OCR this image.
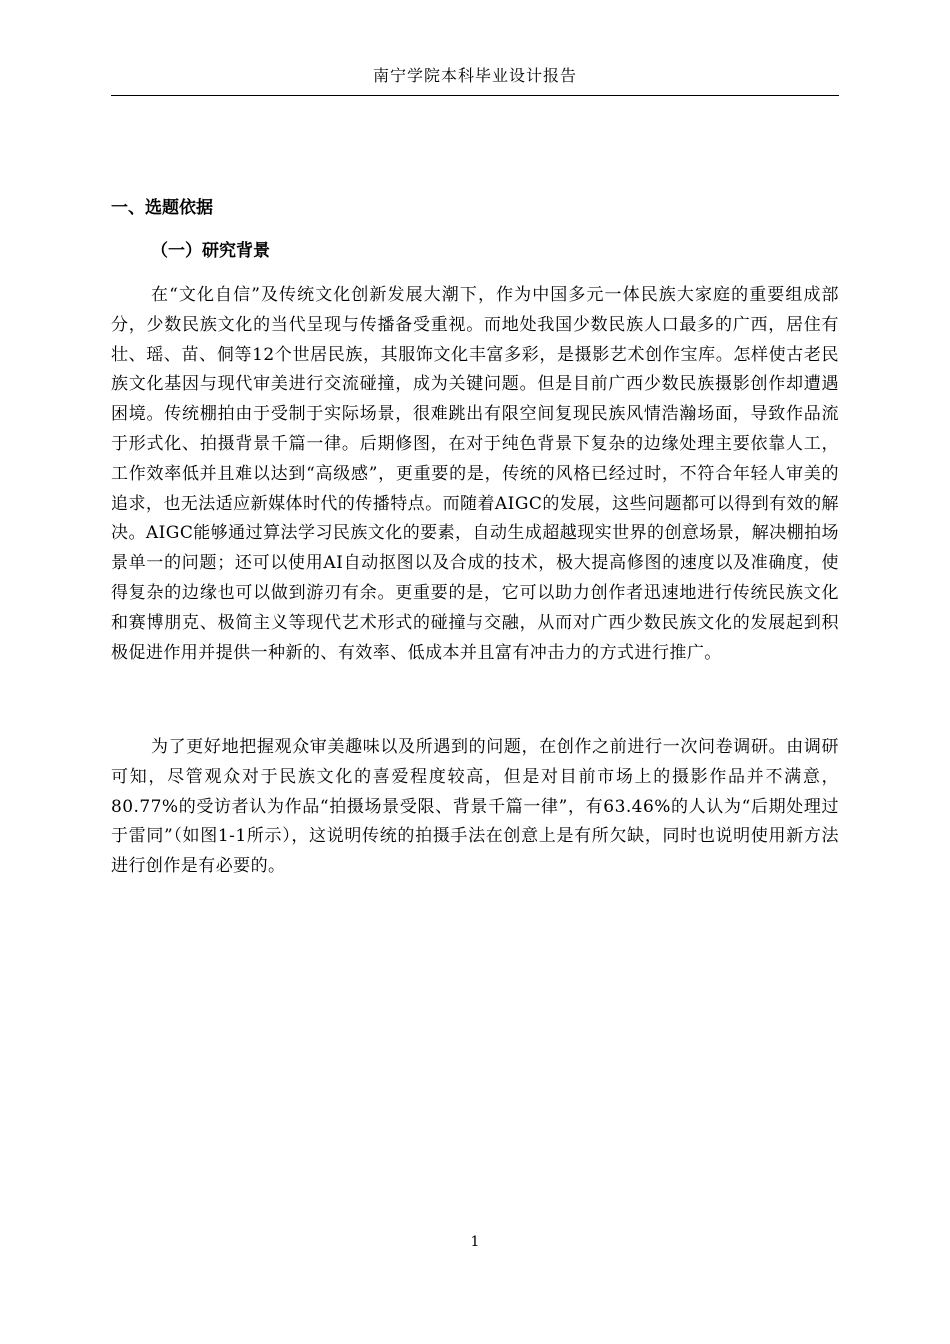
南宁学院本科毕业设计报告
一、选题依据
（一）研究背景

在“文化自信”及传统文化创新发展大潮下，作为中国多元一体民族大家庭的重要组成部分，少数民族文化的当代呈现与传播备受重视。而地处我国少数民族人口最多的广西，居住有壮、瑶、苗、侗等12个世居民族，其服饰文化丰富多彩，是摄影艺术创作宝库。怎样使古老民族文化基因与现代审美进行交流碰撞，成为关键问题。但是目前广西少数民族摄影创作却遭遇困境。传统棚拍由于受制于实际场景，很难跳出有限空间复现民族风情浩瀚场面，导致作品流于形式化、拍摄背景千篇一律。后期修图，在对于纯色背景下复杂的边缘处理主要依靠人工，工作效率低并且难以达到“高级感”，更重要的是，传统的风格已经过时，不符合年轻人审美的追求，也无法适应新媒体时代的传播特点。而随着AIGC的发展，这些问题都可以得到有效的解决。AIGC能够通过算法学习民族文化的要素，自动生成超越现实世界的创意场景，解决棚拍场景单一的问题；还可以使用AI自动抠图以及合成的技术，极大提高修图的速度以及准确度，使得复杂的边缘也可以做到游刃有余。更重要的是，它可以助力创作者迅速地进行传统民族文化和赛博朋克、极简主义等现代艺术形式的碰撞与交融，从而对广西少数民族文化的发展起到积极促进作用并提供一种新的、有效率、低成本并且富有冲击力的方式进行推广。

为了更好地把握观众审美趣味以及所遇到的问题，在创作之前进行一次问卷调研。由调研可知，尽管观众对于民族文化的喜爱程度较高，但是对目前市场上的摄影作品并不满意，80.77%的受访者认为作品“拍摄场景受限、背景千篇一律”，有63.46%的人认为“后期处理过于雷同”（如图1-1所示），这说明传统的拍摄手法在创意上是有所欠缺，同时也说明使用新方法进行创作是有必要的。

1
